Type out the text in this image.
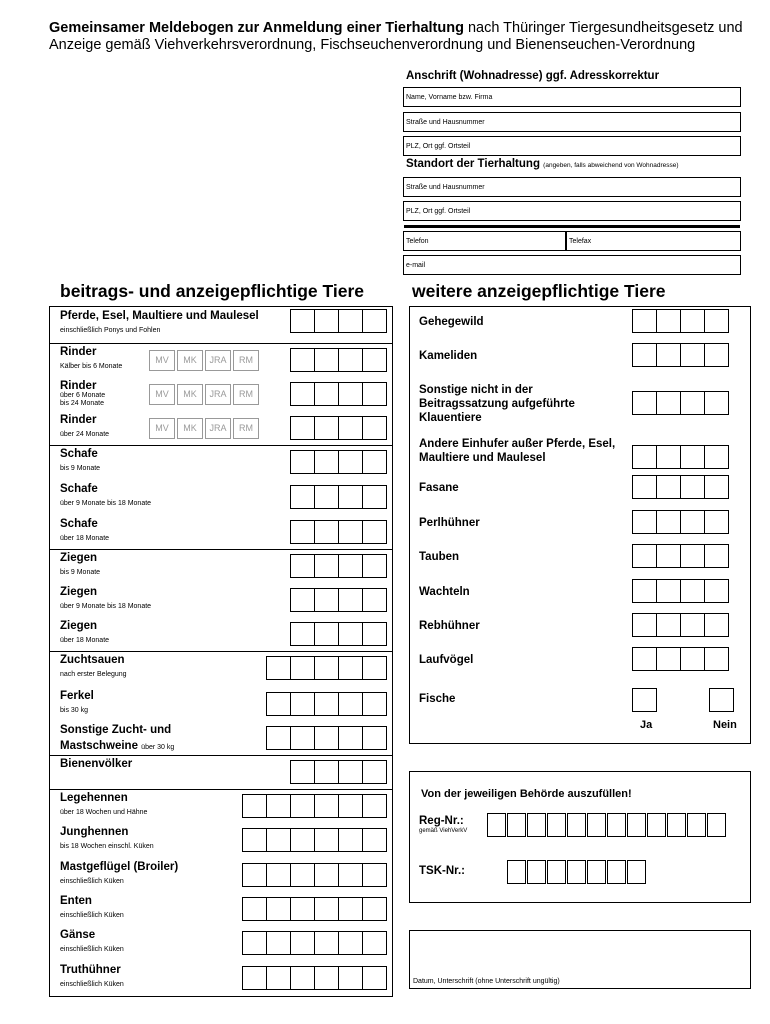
Gemeinsamer Meldebogen zur Anmeldung einer Tierhaltung nach Thüringer Tiergesundheitsgesetz und Anzeige gemäß Viehverkehrsverordnung, Fischseuchenverordnung und Bienenseuchen-Verordnung
Anschrift (Wohnadresse) ggf. Adresskorrektur
Name, Vorname bzw. Firma
Straße und Hausnummer
PLZ, Ort ggf. Ortsteil
Standort der Tierhaltung (angeben, falls abweichend von Wohnadresse)
Straße und Hausnummer
PLZ, Ort ggf. Ortsteil
Telefon	Telefax
e-mail
beitrags- und anzeigepflichtige Tiere	weitere anzeigepflichtige Tiere
Pferde, Esel, Maultiere und Maulesel
einschließlich Ponys und Fohlen
Rinder
Kälber bis 6 Monate
MV	MK	JRA	RM
Rinder
über 6 Monate
bis 24 Monate
MV	MK	JRA	RM
Rinder
über 24 Monate
MV	MK	JRA	RM
Schafe
bis 9 Monate
Schafe
über 9 Monate bis 18 Monate
Schafe
über 18 Monate
Ziegen
bis 9 Monate
Ziegen
über 9 Monate bis 18 Monate
Ziegen
über 18 Monate
Zuchtsauen
nach erster Belegung
Ferkel
bis 30 kg
Sonstige Zucht- und
Mastschweine über 30 kg
Bienenvölker
Legehennen
über 18 Wochen und Hähne
Junghennen
bis 18 Wochen einschl. Küken
Mastgeflügel (Broiler)
einschließlich Küken
Enten
einschließlich Küken
Gänse
einschließlich Küken
Truthühner
einschließlich Küken
Gehegewild
Kameliden
Sonstige nicht in der Beitragssatzung aufgeführte Klauentiere
Andere Einhufer außer Pferde, Esel, Maultiere und Maulesel
Fasane
Perlhühner
Tauben
Wachteln
Rebhühner
Laufvögel
Fische
Ja	Nein
Von der jeweiligen Behörde auszufüllen!
Reg-Nr.:
gemäß ViehVerkV
TSK-Nr.:
Datum, Unterschrift (ohne Unterschrift ungültig)
